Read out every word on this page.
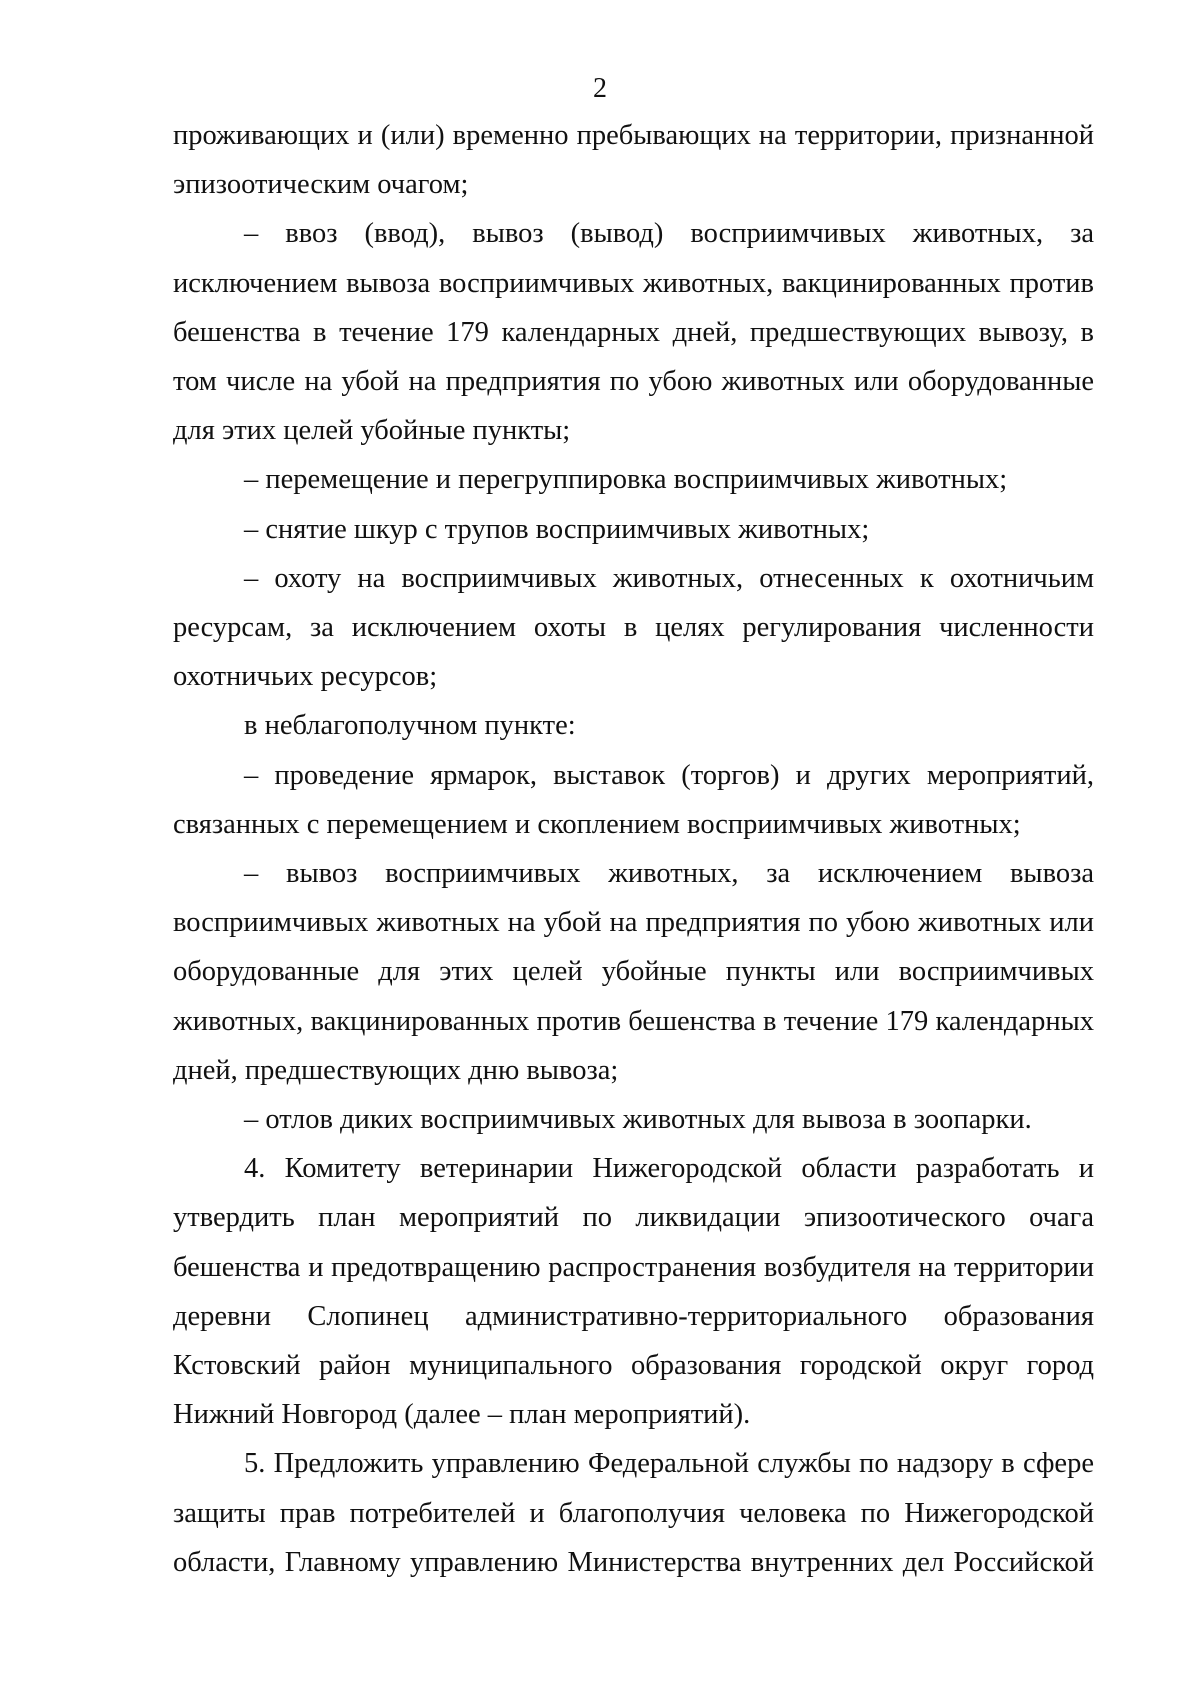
2

проживающих и (или) временно пребывающих на территории, признанной эпизоотическим очагом;

– ввоз (ввод), вывоз (вывод) восприимчивых животных, за исключением вывоза восприимчивых животных, вакцинированных против бешенства в течение 179 календарных дней, предшествующих вывозу, в том числе на убой на предприятия по убою животных или оборудованные для этих целей убойные пункты;

– перемещение и перегруппировка восприимчивых животных;

– снятие шкур с трупов восприимчивых животных;

– охоту на восприимчивых животных, отнесенных к охотничьим ресурсам, за исключением охоты в целях регулирования численности охотничьих ресурсов;

в неблагополучном пункте:

– проведение ярмарок, выставок (торгов) и других мероприятий, связанных с перемещением и скоплением восприимчивых животных;

– вывоз восприимчивых животных, за исключением вывоза восприимчивых животных на убой на предприятия по убою животных или оборудованные для этих целей убойные пункты или восприимчивых животных, вакцинированных против бешенства в течение 179 календарных дней, предшествующих дню вывоза;

– отлов диких восприимчивых животных для вывоза в зоопарки.

4. Комитету ветеринарии Нижегородской области разработать и утвердить план мероприятий по ликвидации эпизоотического очага бешенства и предотвращению распространения возбудителя на территории деревни Слопинец административно-территориального образования Кстовский район муниципального образования городской округ город Нижний Новгород (далее – план мероприятий).

5. Предложить управлению Федеральной службы по надзору в сфере защиты прав потребителей и благополучия человека по Нижегородской области, Главному управлению Министерства внутренних дел Российской
